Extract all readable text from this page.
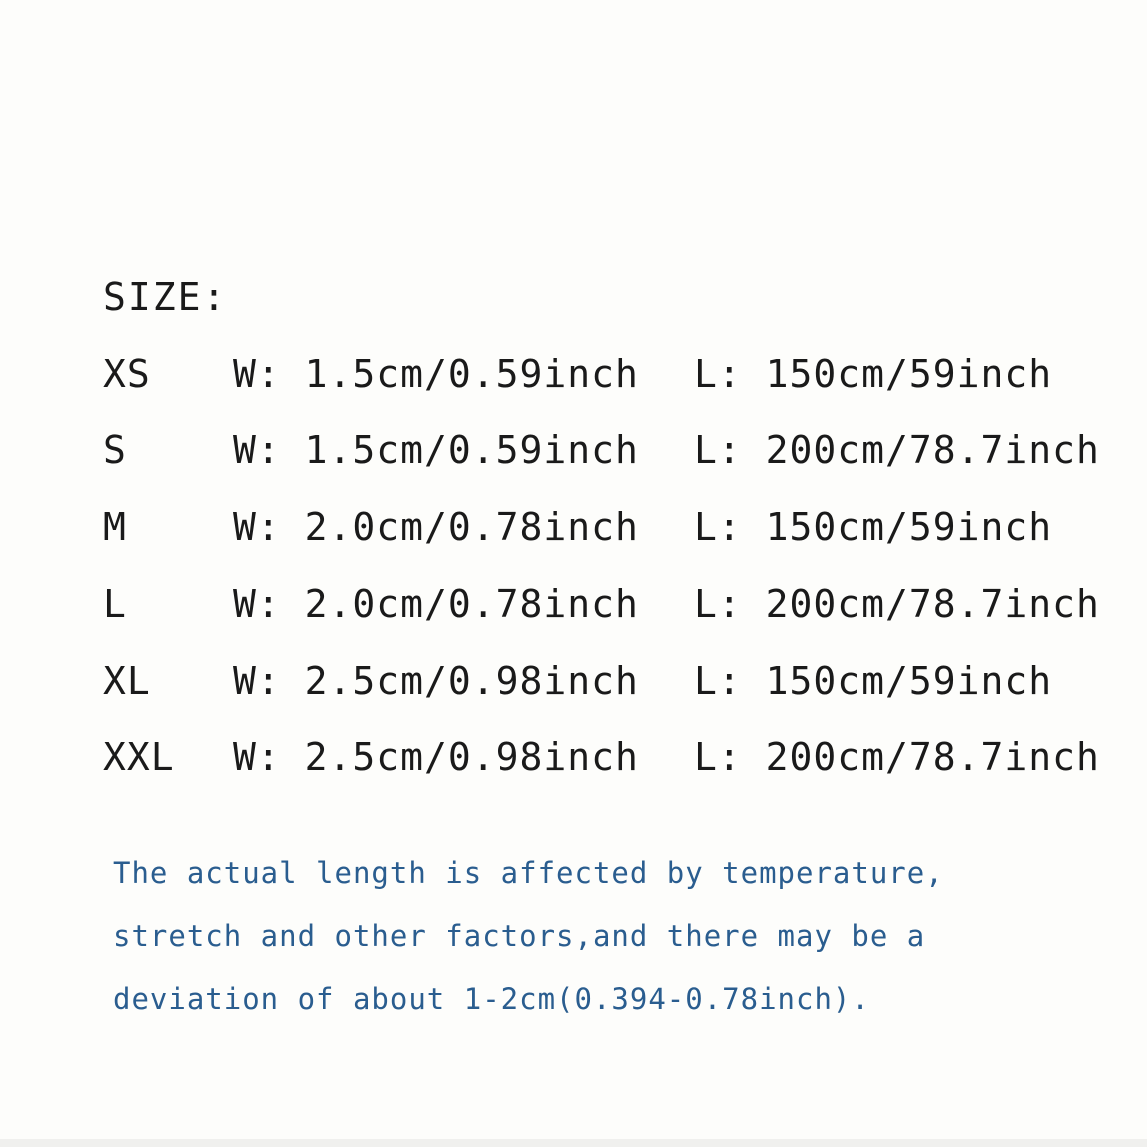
SIZE:
XS W: 1.5cm/0.59inch L: 150cm/59inch
S	W: 1.5cm/0.59inch L: 200cm/78.7inch
M	W: 2.0cm/0.78inch L: 150cm/59inch
L	W: 2.0cm/0.78inch L: 200cm/78.7inch
XL W: 2.5cm/0.98inch L: 150cm/59inch
XXL W: 2.5cm/0.98inch L: 200cm/78.7inch
The actual length is affected by temperature,
stretch and other factors,and there may be a
deviation of about 1-2cm(0.394-0.78inch).
